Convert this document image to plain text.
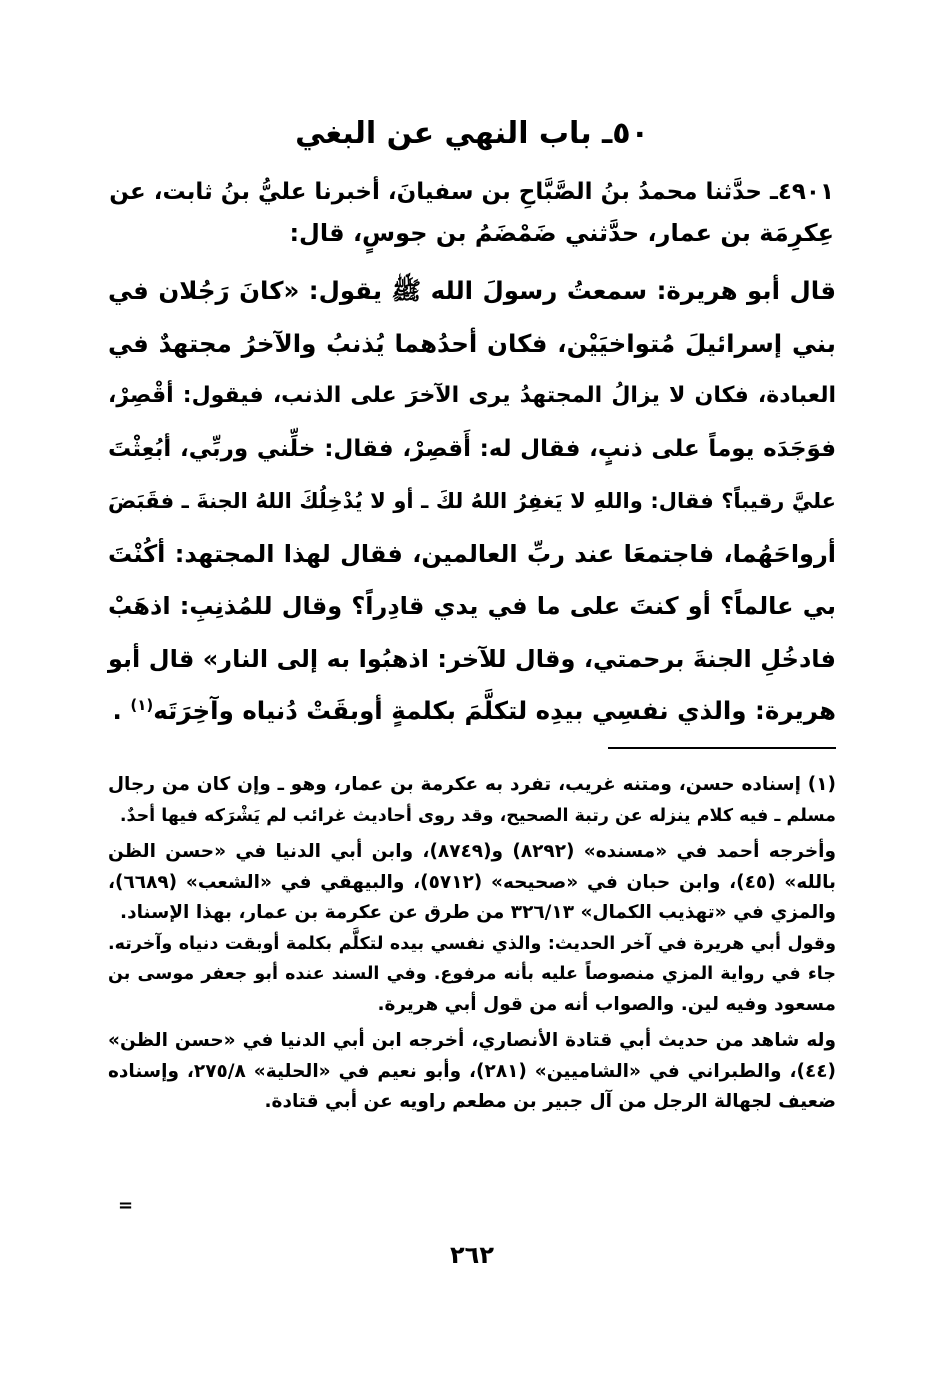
٥٠ـ باب النهي عن البغي
٤٩٠١ـ حدَّثنا محمدُ بنُ الصَّبَّاحِ بن سفيانَ، أخبرنا عليُّ بنُ ثابت، عن
عِكرِمَة بن عمار، حدَّثني ضَمْضَمُ بن جوسٍ، قال:
قال أبو هريرة: سمعتُ رسولَ الله ﷺ يقول: «كانَ رَجُلان في
بني إسرائيلَ مُتواخيَيْن، فكان أحدُهما يُذنبُ والآخرُ مجتهدٌ في
العبادة، فكان لا يزالُ المجتهدُ يرى الآخرَ على الذنب، فيقول: أقْصِرْ،
فوَجَدَه يوماً على ذنبٍ، فقال له: أَقصِرْ، فقال: خلِّني وربِّي، أبُعِثْتَ
عليَّ رقيباً؟ فقال: واللهِ لا يَغفِرُ اللهُ لكَ ـ أو لا يُدْخِلُكَ اللهُ الجنةَ ـ فقَبَضَ
أرواحَهُما، فاجتمعَا عند ربِّ العالمين، فقال لهذا المجتهد: أكُنْتَ
بي عالماً؟ أو كنتَ على ما في يدي قادِراً؟ وقال للمُذنِبِ: اذهَبْ
فادخُلِ الجنةَ برحمتي، وقال للآخر: اذهبُوا به إلى النار» قال أبو
هريرة: والذي نفسِي بيدِه لتكلَّمَ بكلمةٍ أوبقَتْ دُنياه وآخِرَتَه$^{(١)}$ .
(١) إسناده حسن، ومتنه غريب، تفرد به عكرمة بن عمار، وهو ـ وإن كان من رجال
مسلم ـ فيه كلام ينزله عن رتبة الصحيح، وقد روى أحاديث غرائب لم يَشْرَكه فيها أحدٌ.
وأخرجه أحمد في «مسنده» (٨٢٩٢) و(٨٧٤٩)، وابن أبي الدنيا في «حسن الظن
بالله» (٤٥)، وابن حبان في «صحيحه» (٥٧١٢)، والبيهقي في «الشعب» (٦٦٨٩)،
والمزي في «تهذيب الكمال» ٣٢٦/١٣ من طرق عن عكرمة بن عمار، بهذا الإسناد.
وقول أبي هريرة في آخر الحديث: والذي نفسي بيده لتكلَّم بكلمة أوبقت دنياه وآخرته.
جاء في رواية المزي منصوصاً عليه بأنه مرفوع. وفي السند عنده أبو جعفر موسى بن
مسعود وفيه لين. والصواب أنه من قول أبي هريرة.
وله شاهد من حديث أبي قتادة الأنصاري، أخرجه ابن أبي الدنيا في «حسن الظن»
(٤٤)، والطبراني في «الشاميين» (٢٨١)، وأبو نعيم في «الحلية» ٢٧٥/٨، وإسناده
ضعيف لجهالة الرجل من آل جبير بن مطعم راويه عن أبي قتادة.
=
٢٦٢
